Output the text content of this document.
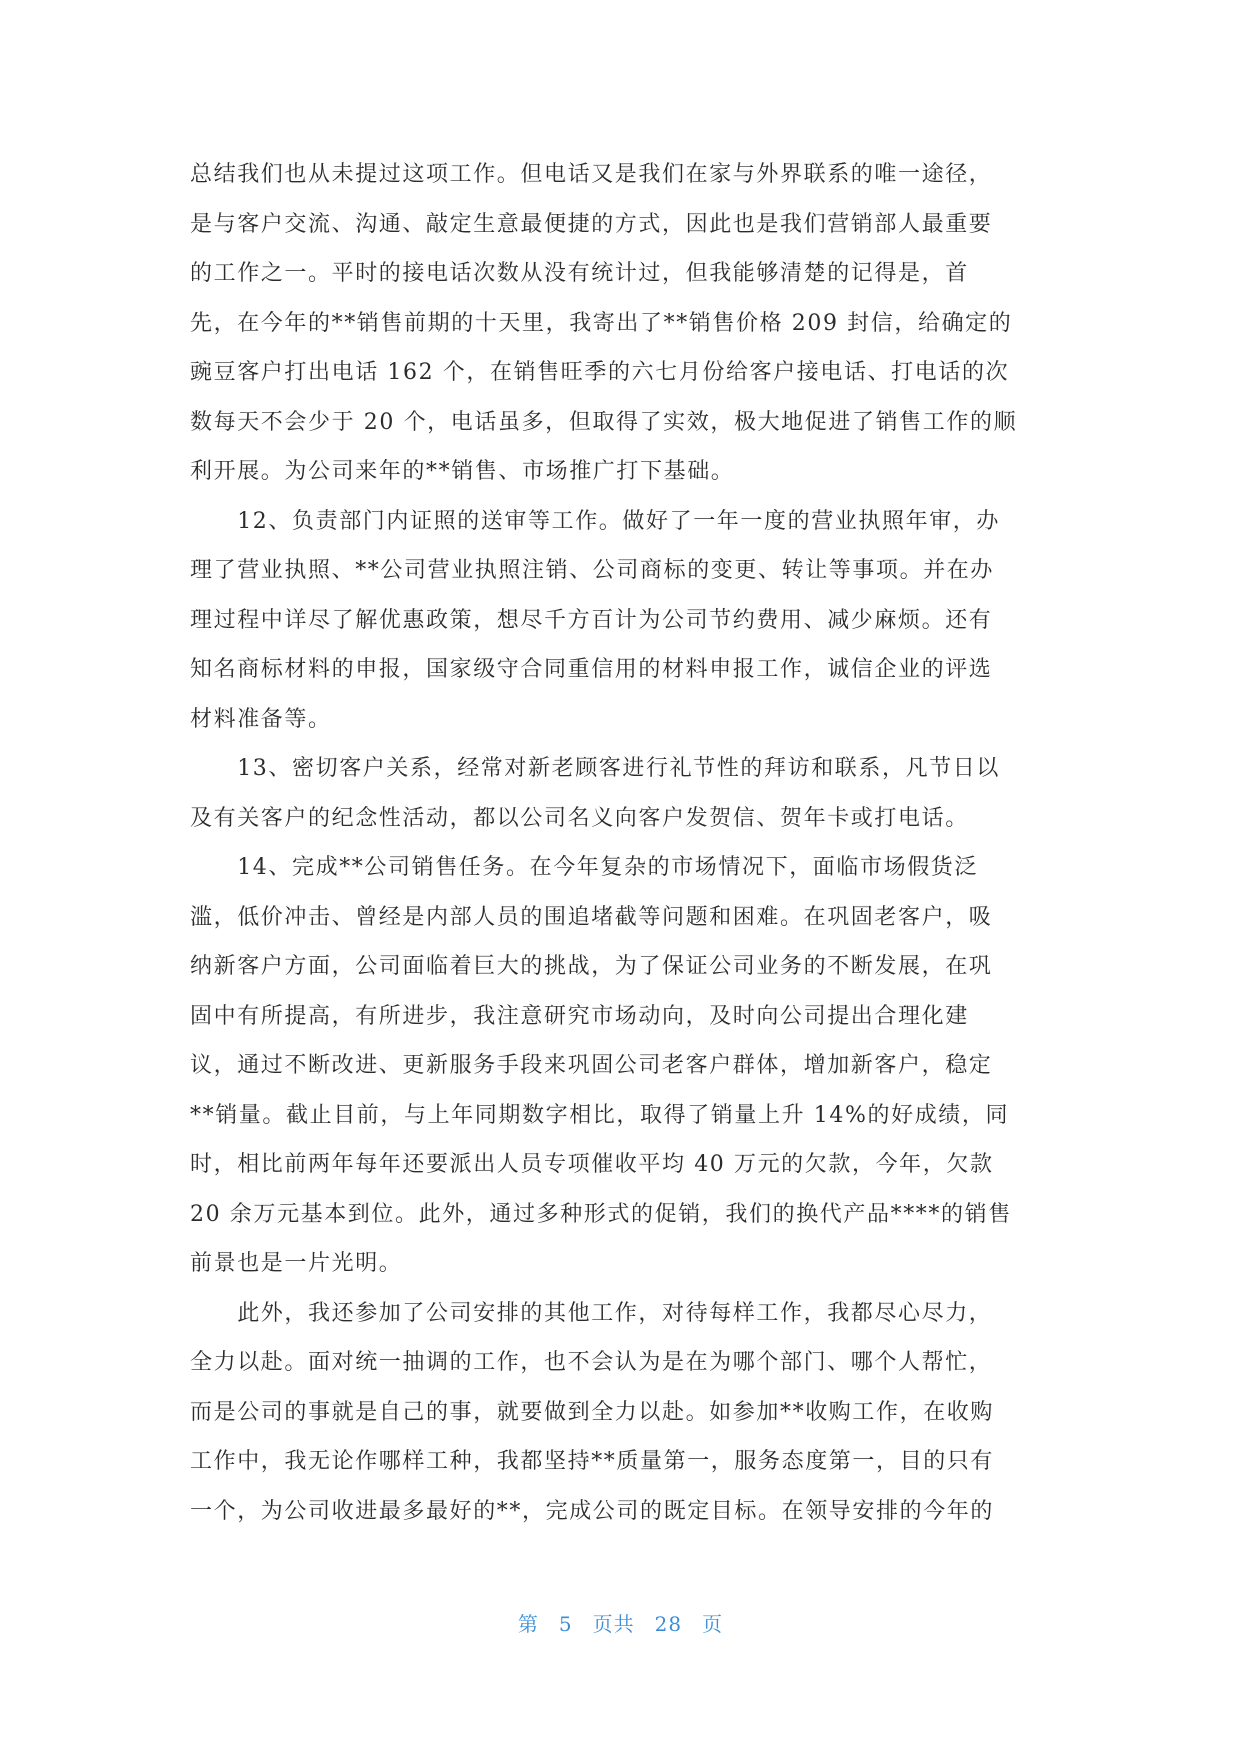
总结我们也从未提过这项工作。但电话又是我们在家与外界联系的唯一途径，
是与客户交流、沟通、敲定生意最便捷的方式，因此也是我们营销部人最重要
的工作之一。平时的接电话次数从没有统计过，但我能够清楚的记得是，首
先，在今年的**销售前期的十天里，我寄出了**销售价格 209 封信，给确定的
豌豆客户打出电话 162 个，在销售旺季的六七月份给客户接电话、打电话的次
数每天不会少于 20 个，电话虽多，但取得了实效，极大地促进了销售工作的顺
利开展。为公司来年的**销售、市场推广打下基础。
　　12、负责部门内证照的送审等工作。做好了一年一度的营业执照年审，办
理了营业执照、**公司营业执照注销、公司商标的变更、转让等事项。并在办
理过程中详尽了解优惠政策，想尽千方百计为公司节约费用、减少麻烦。还有
知名商标材料的申报，国家级守合同重信用的材料申报工作，诚信企业的评选
材料准备等。
　　13、密切客户关系，经常对新老顾客进行礼节性的拜访和联系，凡节日以
及有关客户的纪念性活动，都以公司名义向客户发贺信、贺年卡或打电话。
　　14、完成**公司销售任务。在今年复杂的市场情况下，面临市场假货泛
滥，低价冲击、曾经是内部人员的围追堵截等问题和困难。在巩固老客户，吸
纳新客户方面，公司面临着巨大的挑战，为了保证公司业务的不断发展，在巩
固中有所提高，有所进步，我注意研究市场动向，及时向公司提出合理化建
议，通过不断改进、更新服务手段来巩固公司老客户群体，增加新客户，稳定
**销量。截止目前，与上年同期数字相比，取得了销量上升 14%的好成绩，同
时，相比前两年每年还要派出人员专项催收平均 40 万元的欠款，今年，欠款
20 余万元基本到位。此外，通过多种形式的促销，我们的换代产品****的销售
前景也是一片光明。
　　此外，我还参加了公司安排的其他工作，对待每样工作，我都尽心尽力，
全力以赴。面对统一抽调的工作，也不会认为是在为哪个部门、哪个人帮忙，
而是公司的事就是自己的事，就要做到全力以赴。如参加**收购工作，在收购
工作中，我无论作哪样工种，我都坚持**质量第一，服务态度第一，目的只有
一个，为公司收进最多最好的**，完成公司的既定目标。在领导安排的今年的
第 5 页共 28 页
